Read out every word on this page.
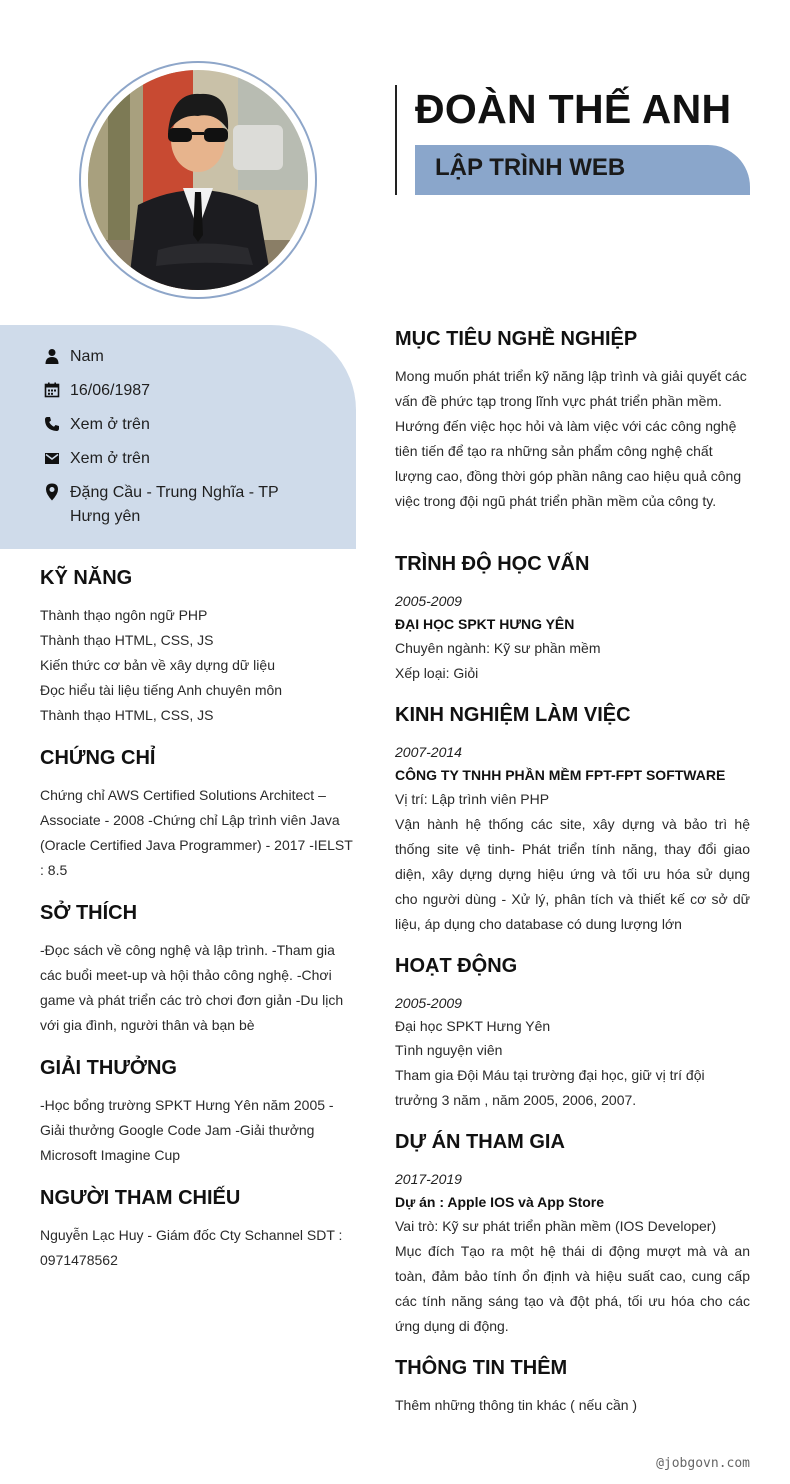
ĐOÀN THẾ ANH
LẬP TRÌNH WEB
Nam
16/06/1987
Xem ở trên
Xem ở trên
Đặng Cầu - Trung Nghĩa - TP Hưng yên
KỸ NĂNG
Thành thạo ngôn ngữ PHP
Thành thạo HTML, CSS, JS
Kiến thức cơ bản về xây dựng dữ liệu
Đọc hiểu tài liệu tiếng Anh chuyên môn
Thành thạo HTML, CSS, JS
CHỨNG CHỈ
Chứng chỉ AWS Certified Solutions Architect – Associate - 2008 -Chứng chỉ Lập trình viên Java (Oracle Certified Java Programmer) - 2017 -IELST : 8.5
SỞ THÍCH
-Đọc sách về công nghệ và lập trình. -Tham gia các buổi meet-up và hội thảo công nghệ. -Chơi game và phát triển các trò chơi đơn giản -Du lịch với gia đình, người thân và bạn bè
GIẢI THƯỞNG
-Học bổng trường SPKT Hưng Yên năm 2005 -Giải thưởng Google Code Jam -Giải thưởng Microsoft Imagine Cup
NGƯỜI THAM CHIẾU
Nguyễn Lạc Huy - Giám đốc Cty Schannel SDT : 0971478562
MỤC TIÊU NGHỀ NGHIỆP
Mong muốn phát triển kỹ năng lập trình và giải quyết các vấn đề phức tạp trong lĩnh vực phát triển phần mềm. Hướng đến việc học hỏi và làm việc với các công nghệ tiên tiến để tạo ra những sản phẩm công nghệ chất lượng cao, đồng thời góp phần nâng cao hiệu quả công việc trong đội ngũ phát triển phần mềm của công ty.
TRÌNH ĐỘ HỌC VẤN
2005-2009
ĐẠI HỌC SPKT HƯNG YÊN
Chuyên ngành: Kỹ sư phần mềm
Xếp loại: Giỏi
KINH NGHIỆM LÀM VIỆC
2007-2014
CÔNG TY TNHH PHẦN MỀM FPT-FPT SOFTWARE
Vị trí: Lập trình viên PHP
Vận hành hệ thống các site, xây dựng và bảo trì hệ thống site vệ tinh- Phát triển tính năng, thay đổi giao diện, xây dựng dựng hiệu ứng và tối ưu hóa sử dụng cho người dùng - Xử lý, phân tích và thiết kế cơ sở dữ liệu, áp dụng cho database có dung lượng lớn
HOẠT ĐỘNG
2005-2009
Đại học SPKT Hưng Yên
Tình nguyện viên
Tham gia Đội Máu tại trường đại học, giữ vị trí đội trưởng 3 năm , năm 2005, 2006, 2007.
DỰ ÁN THAM GIA
2017-2019
Dự án : Apple IOS và App Store
Vai trò: Kỹ sư phát triển phần mềm (IOS Developer)
Mục đích Tạo ra một hệ thái di động mượt mà và an toàn, đảm bảo tính ổn định và hiệu suất cao, cung cấp các tính năng sáng tạo và đột phá, tối ưu hóa cho các ứng dụng di động.
THÔNG TIN THÊM
Thêm những thông tin khác ( nếu cần )
@jobgovn.com
